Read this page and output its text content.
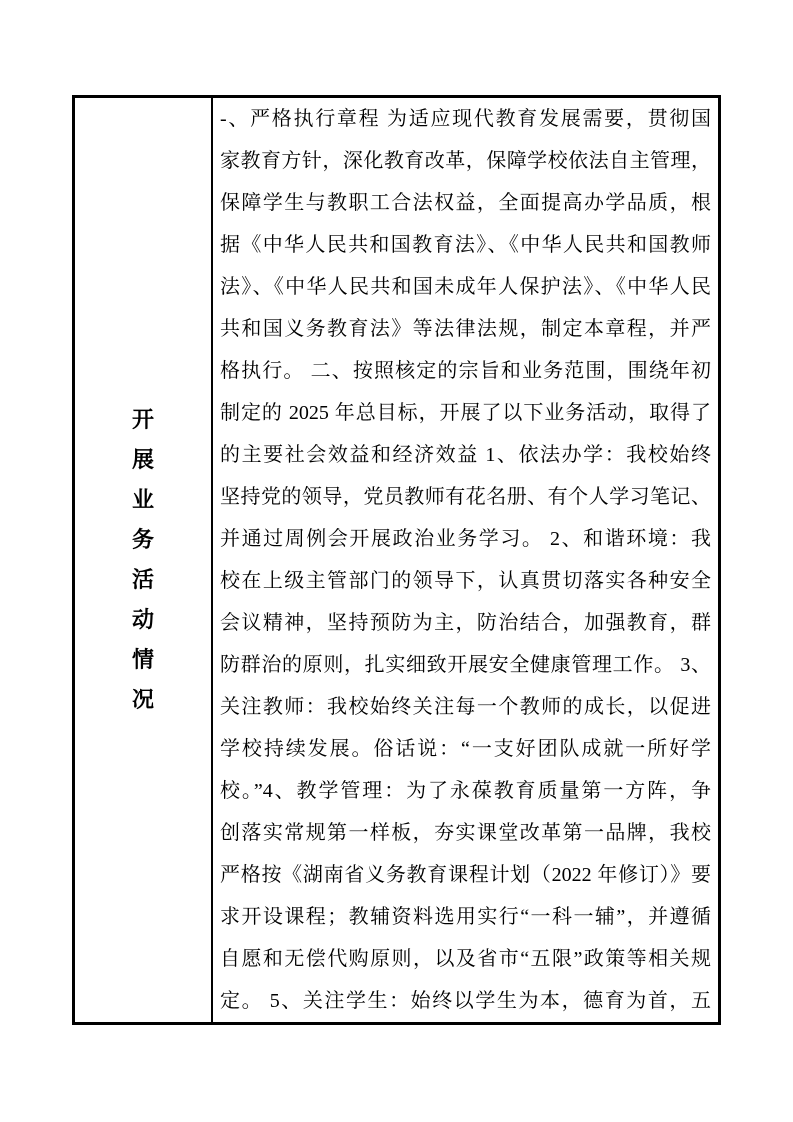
开
展
业
务
活
动
情
况
-、严格执行章程 为适应现代教育发展需要，贯彻国
家教育方针，深化教育改革，保障学校依法自主管理，
保障学生与教职工合法权益，全面提高办学品质，根
据《中华人民共和国教育法》、《中华人民共和国教师
法》、《中华人民共和国未成年人保护法》、《中华人民
共和国义务教育法》等法律法规，制定本章程，并严
格执行。 二、按照核定的宗旨和业务范围，围绕年初
制定的 2025 年总目标，开展了以下业务活动，取得了
的主要社会效益和经济效益 1、依法办学：我校始终
坚持党的领导，党员教师有花名册、有个人学习笔记、
并通过周例会开展政治业务学习。 2、和谐环境：我
校在上级主管部门的领导下，认真贯切落实各种安全
会议精神，坚持预防为主，防治结合，加强教育，群
防群治的原则，扎实细致开展安全健康管理工作。 3、
关注教师：我校始终关注每一个教师的成长，以促进
学校持续发展。俗话说：“一支好团队成就一所好学
校。”4、教学管理：为了永葆教育质量第一方阵，争
创落实常规第一样板，夯实课堂改革第一品牌，我校
严格按《湖南省义务教育课程计划（2022 年修订）》要
求开设课程；教辅资料选用实行“一科一辅”，并遵循
自愿和无偿代购原则，以及省市“五限”政策等相关规
定。 5、关注学生：始终以学生为本，德育为首，五
